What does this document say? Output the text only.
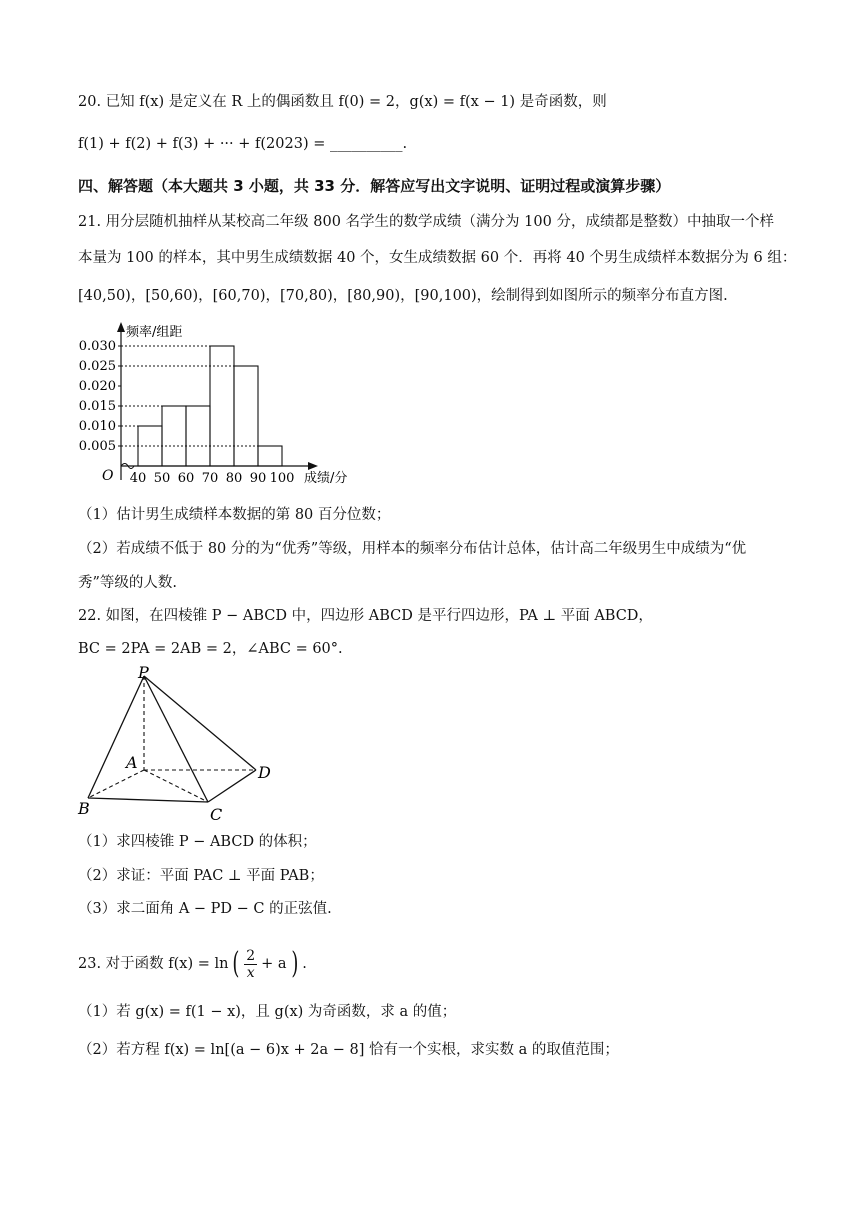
20. 已知 f(x) 是定义在 R 上的偶函数且 f(0) = 2，g(x) = f(x − 1) 是奇函数，则
f(1) + f(2) + f(3) + ··· + f(2023) = __________.
四、解答题（本大题共 3 小题，共 33 分．解答应写出文字说明、证明过程或演算步骤）
21. 用分层随机抽样从某校高二年级 800 名学生的数学成绩（满分为 100 分，成绩都是整数）中抽取一个样
本量为 100 的样本，其中男生成绩数据 40 个，女生成绩数据 60 个．再将 40 个男生成绩样本数据分为 6 组：
[40,50)，[50,60)，[60,70)，[70,80)，[80,90)，[90,100)，绘制得到如图所示的频率分布直方图.
频率/组距
成绩/分
O
0.005
0.010
0.015
0.020
0.025
0.030
40 50 60 70 80 90 100
（1）估计男生成绩样本数据的第 80 百分位数；
（2）若成绩不低于 80 分的为“优秀”等级，用样本的频率分布估计总体，估计高二年级男生中成绩为“优
秀”等级的人数.
22. 如图，在四棱锥 P − ABCD 中，四边形 ABCD 是平行四边形，PA ⊥ 平面 ABCD，
BC = 2PA = 2AB = 2，∠ABC = 60°.
P
A
B	C
D
（1）求四棱锥 P − ABCD 的体积；
（2）求证：平面 PAC ⊥ 平面 PAB；
（3）求二面角 A − PD − C 的正弦值.
23. 对于函数 f(x) = ln ( $\frac{2}{x} + a$ ) .
（1）若 g(x) = f(1 − x)，且 g(x) 为奇函数，求 a 的值；
（2）若方程 f(x) = ln[(a − 6)x + 2a − 8] 恰有一个实根，求实数 a 的取值范围；
